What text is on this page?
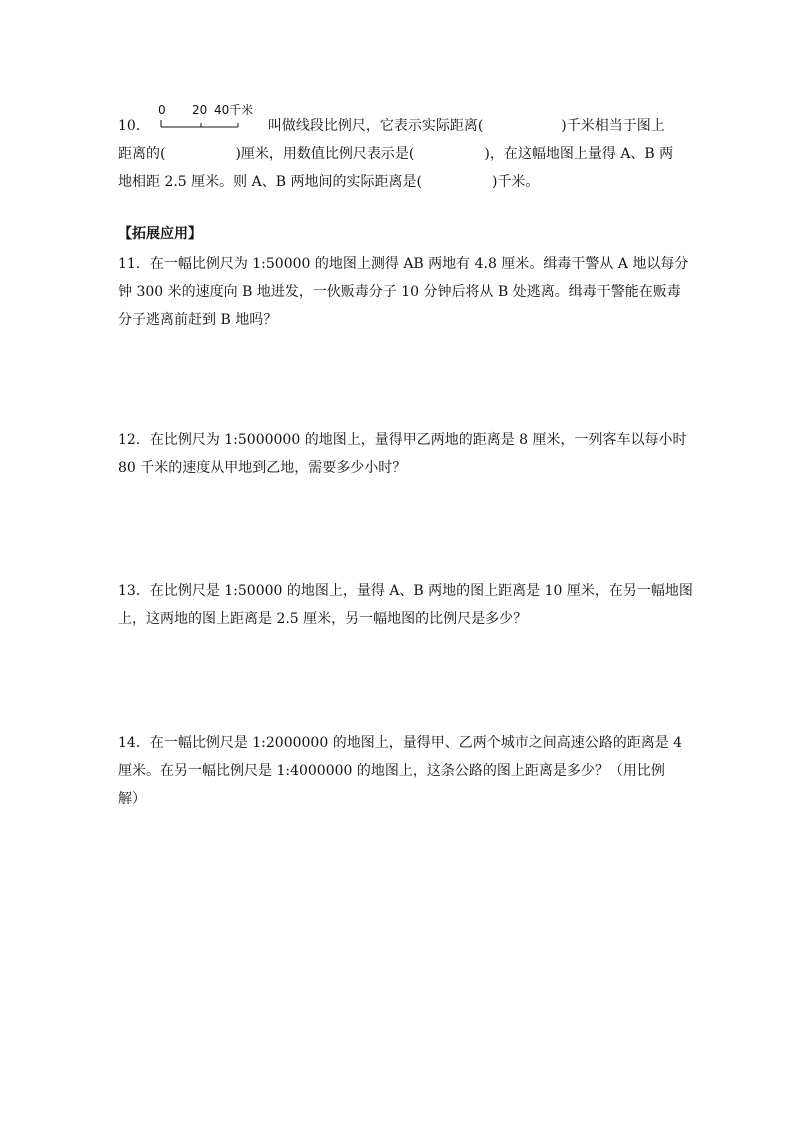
10．	叫做线段比例尺，它表示实际距离(	)千米相当于图上
0 20 40千米
距离的(	)厘米，用数值比例尺表示是(	)，在这幅地图上量得 A、B 两
地相距 2.5 厘米。则 A、B 两地间的实际距离是(	)千米。
【拓展应用】
11．在一幅比例尺为 1:50000 的地图上测得 AB 两地有 4.8 厘米。缉毒干警从 A 地以每分
钟 300 米的速度向 B 地进发，一伙贩毒分子 10 分钟后将从 B 处逃离。缉毒干警能在贩毒
分子逃离前赶到 B 地吗？
12．在比例尺为 1:5000000 的地图上，量得甲乙两地的距离是 8 厘米，一列客车以每小时
80 千米的速度从甲地到乙地，需要多少小时？
13．在比例尺是 1:50000 的地图上，量得 A、B 两地的图上距离是 10 厘米，在另一幅地图
上，这两地的图上距离是 2.5 厘米，另一幅地图的比例尺是多少？
14．在一幅比例尺是 1:2000000 的地图上，量得甲、乙两个城市之间高速公路的距离是 4
厘米。在另一幅比例尺是 1:4000000 的地图上，这条公路的图上距离是多少？（用比例
解）
